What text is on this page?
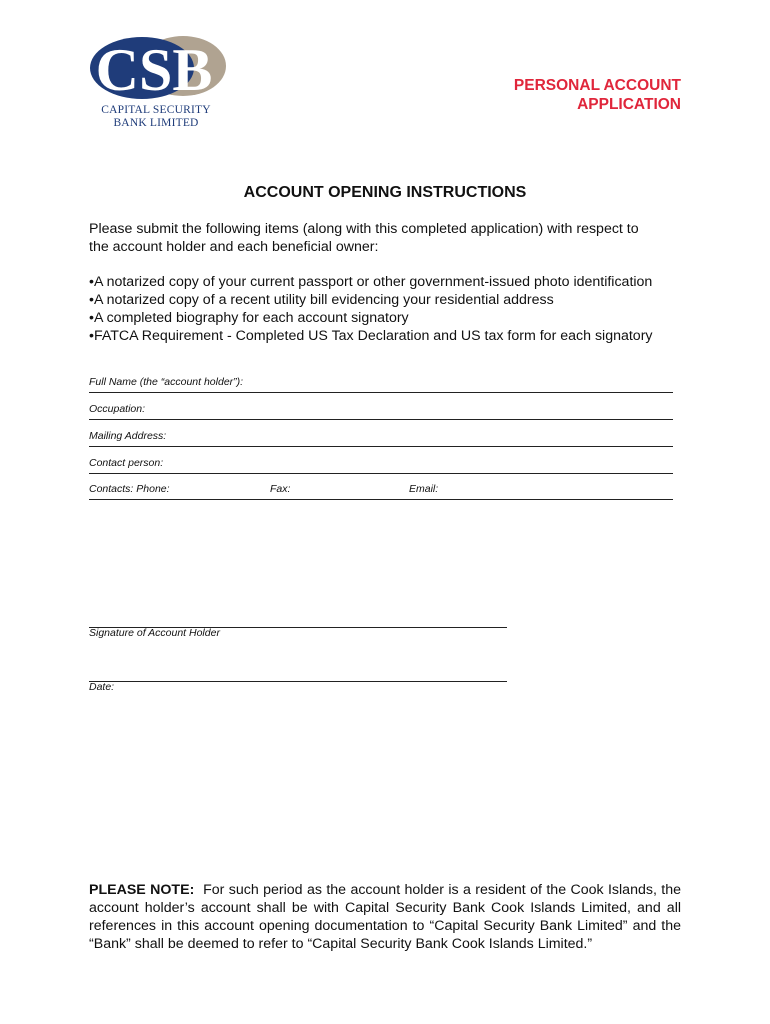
CSB
CAPITAL SECURITY
BANK LIMITED
PERSONAL ACCOUNT
APPLICATION
ACCOUNT OPENING INSTRUCTIONS
Please submit the following items (along with this completed application) with respect to
the account holder and each beneficial owner:
•A notarized copy of your current passport or other government-issued photo identification
•A notarized copy of a recent utility bill evidencing your residential address
•A completed biography for each account signatory
•FATCA Requirement - Completed US Tax Declaration and US tax form for each signatory
Full Name (the “account holder”):
Occupation:
Mailing Address:
Contact person:
Contacts: Phone:	Fax:	Email:
Signature of Account Holder
Date:
PLEASE NOTE: For such period as the account holder is a resident of the Cook Islands, the account holder’s account shall be with Capital Security Bank Cook Islands Limited, and all references in this account opening documentation to “Capital Security Bank Limited” and the “Bank” shall be deemed to refer to “Capital Security Bank Cook Islands Limited.”
